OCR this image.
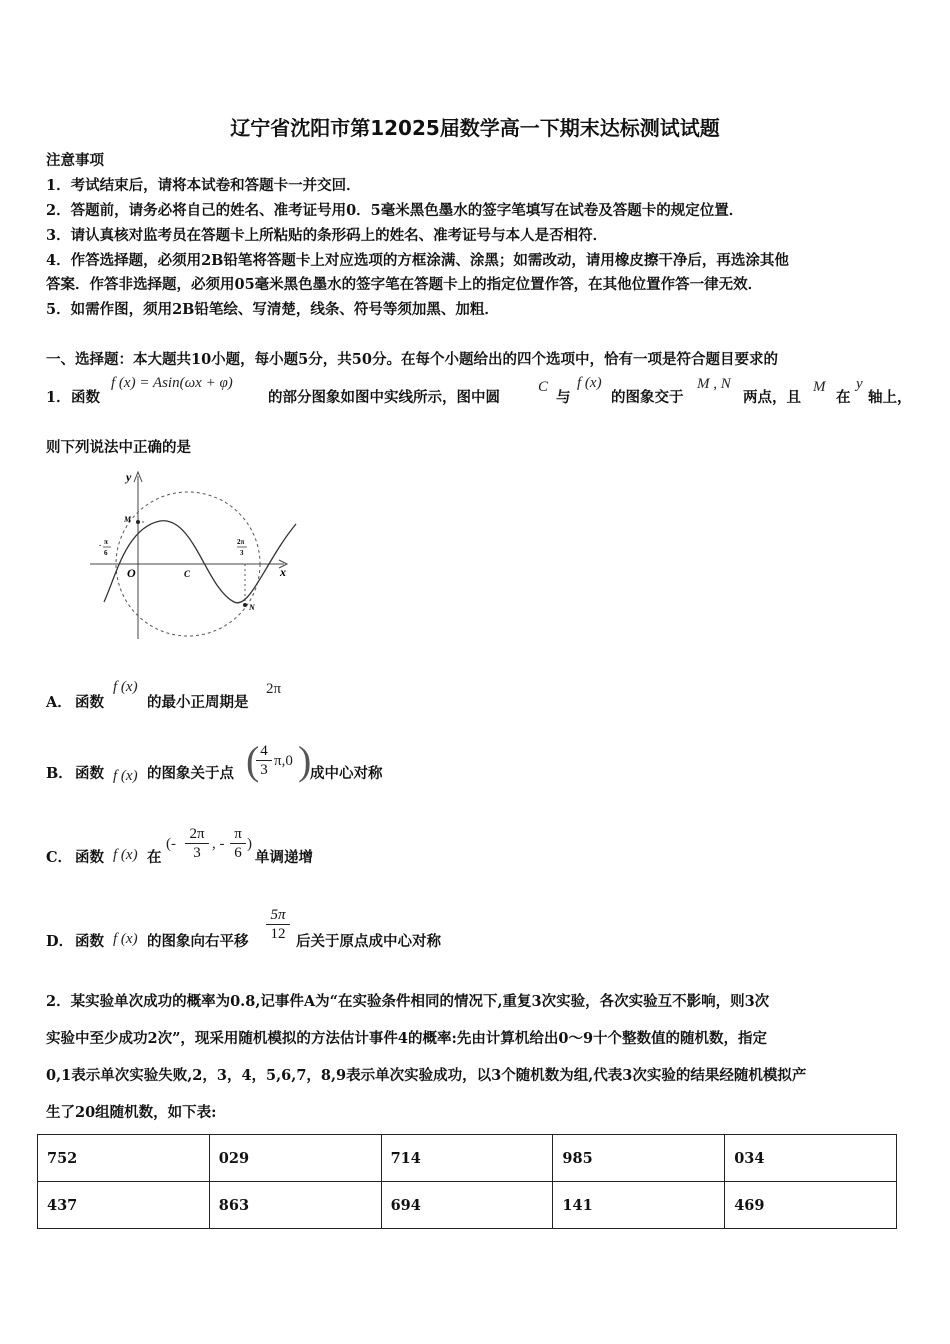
辽宁省沈阳市第12025届数学高一下期末达标测试试题
注意事项
1．考试结束后，请将本试卷和答题卡一并交回．
2．答题前，请务必将自己的姓名、准考证号用0．5毫米黑色墨水的签字笔填写在试卷及答题卡的规定位置．
3．请认真核对监考员在答题卡上所粘贴的条形码上的姓名、准考证号与本人是否相符．
4．作答选择题，必须用2B铅笔将答题卡上对应选项的方框涂满、涂黑；如需改动，请用橡皮擦干净后，再选涂其他
答案．作答非选择题，必须用05毫米黑色墨水的签字笔在答题卡上的指定位置作答，在其他位置作答一律无效．
5．如需作图，须用2B铅笔绘、写清楚，线条、符号等须加黑、加粗．
一、选择题：本大题共10小题，每小题5分，共50分。在每个小题给出的四个选项中，恰有一项是符合题目要求的
1． 函数
f (x) = Asin(ωx + φ)
的部分图象如图中实线所示，图中圆
C
与
f (x)
的图象交于
M , N
两点，且
M
在
y
轴上，
则下列说法中正确的是
y
x
O
M
N
C
- π
6
2π
3
A． 函数
f (x)
的最小正周期是
2π
B． 函数 f (x) 的图象关于点 (
$\frac{4}{3} \pi,0$ )
成中心对称
C． 函数 f (x) 在
(- $\frac{2\pi}{3}$ , - $\frac{\pi}{6}$ )
单调递增
D． 函数 f (x) 的图象向右平移 $\frac{5\pi}{12}$ 后关于原点成中心对称
2．某实验单次成功的概率为0.8,记事件A为“在实验条件相同的情况下,重复3次实验，各次实验互不影响，则3次
实验中至少成功2次”，现采用随机模拟的方法估计事件4的概率:先由计算机给出0～9十个整数值的随机数，指定
0,1表示单次实验失败,2，3，4，5,6,7，8,9表示单次实验成功，以3个随机数为组,代表3次实验的结果经随机模拟产
生了20组随机数，如下表:
752	029	714	985	034
437	863	694	141	469
